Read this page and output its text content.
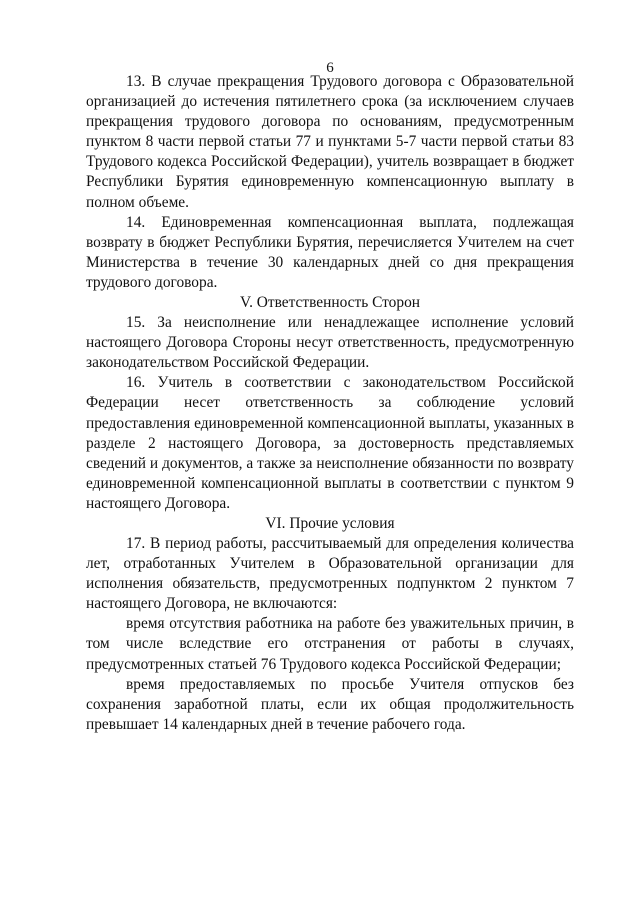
6

13. В случае прекращения Трудового договора с Образовательной организацией до истечения пятилетнего срока (за исключением случаев прекращения трудового договора по основаниям, предусмотренным пунктом 8 части первой статьи 77 и пунктами 5-7 части первой статьи 83 Трудового кодекса Российской Федерации), учитель возвращает в бюджет Республики Бурятия единовременную компенсационную выплату в полном объеме.

14. Единовременная компенсационная выплата, подлежащая возврату в бюджет Республики Бурятия, перечисляется Учителем на счет Министерства в течение 30 календарных дней со дня прекращения трудового договора.

V. Ответственность Сторон

15. За неисполнение или ненадлежащее исполнение условий настоящего Договора Стороны несут ответственность, предусмотренную законодательством Российской Федерации.

16. Учитель в соответствии с законодательством Российской Федерации несет ответственность за соблюдение условий предоставления единовременной компенсационной выплаты, указанных в разделе 2 настоящего Договора, за достоверность представляемых сведений и документов, а также за неисполнение обязанности по возврату единовременной компенсационной выплаты в соответствии с пунктом 9 настоящего Договора.

VI. Прочие условия

17. В период работы, рассчитываемый для определения количества лет, отработанных Учителем в Образовательной организации для исполнения обязательств, предусмотренных подпунктом 2 пунктом 7 настоящего Договора, не включаются:

время отсутствия работника на работе без уважительных причин, в том числе вследствие его отстранения от работы в случаях, предусмотренных статьей 76 Трудового кодекса Российской Федерации;

время предоставляемых по просьбе Учителя отпусков без сохранения заработной платы, если их общая продолжительность превышает 14 календарных дней в течение рабочего года.
